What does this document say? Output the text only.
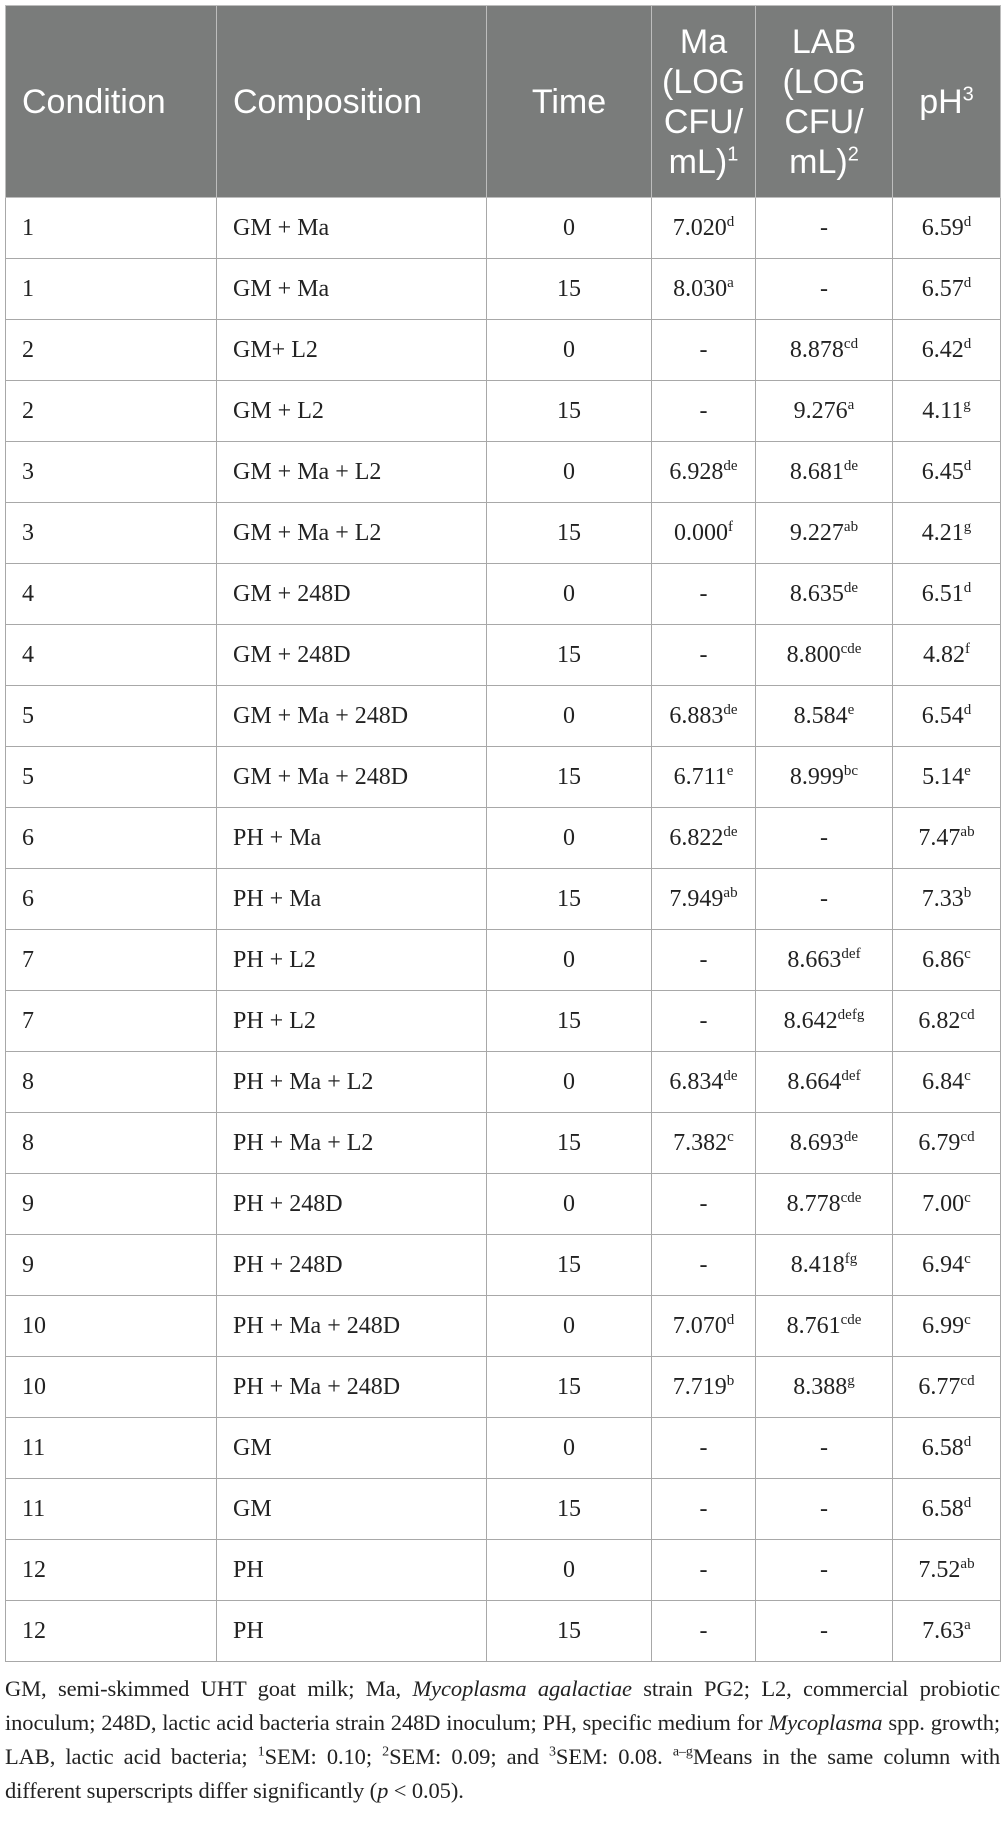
Condition	Composition	Time	Ma (LOG CFU/ mL)$^1$	LAB (LOG CFU/ mL)$^2$	$pH^3$
1	GM + Ma	0	7.020$^d$	-	6.59$^d$
1	GM + Ma	15	8.030$^a$	-	6.57$^d$
2	GM+ L2	0	-	8.878$^{cd}$	6.42$^d$
2	GM + L2	15	-	9.276$^a$	4.11$^g$
3	GM + Ma + L2	0	6.928de	8.681de	6.45$^d$
3	GM + Ma + L2	15	0.000$^f$	9.227$^{ab}$	4.21$^g$
4	GM + 248D	0	-	8.635de	6.51$^d$
4	GM + 248D	15	-	8.800$^{cde}$	4.82$^f$
5	GM + Ma + 248D	0	6.883de	8.584e	6.54$^d$
5	GM + Ma + 248D	15	6.711e	8.999$^{bc}$	5.14e
6	PH + Ma	0	6.822de	-	7.47$^{ab}$
6	PH + Ma	15	7.949$^{ab}$	-	7.33$^b$
7	PH + L2	0	-	8.663$^{def}$	6.86$^c$
7	PH + L2	15	-	$8.642^{defg}$	6.82$^{cd}$
8	PH + Ma + L2	0	6.834de	8.664$^{def}$	6.84$^c$
8	PH + Ma + L2	15	7.382$^c$	8.693de	6.79$^{cd}$
9	PH + 248D	0	-	8.778$^{cde}$	7.00$^c$
9	PH + 248D	15	-	8.418$^{fg}$	6.94$^c$
10	PH + Ma + 248D	0	7.070$^d$	8.761$^{cde}$	6.99$^c$
10	PH + Ma + 248D	15	7.719$^b$	8.388$^g$	6.77$^{cd}$
11	GM	0	-	-	6.58$^d$
11	GM	15	-	-	6.58$^d$
12	PH	0	-	-	7.52$^{ab}$
12	PH	15	-	-	7.63$^a$
GM, semi-skimmed UHT goat milk; Ma, Mycoplasma agalactiae strain PG2; L2, commercial probiotic inoculum; 248D, lactic acid bacteria strain 248D inoculum; PH, specific medium for Mycoplasma spp. growth; LAB, lactic acid bacteria; $^1$SEM: 0.10; $^2$SEM: 0.09; and $^3$SEM: 0.08. $^{a-g}$Means in the same column with different superscripts differ significantly (p < 0.05).
